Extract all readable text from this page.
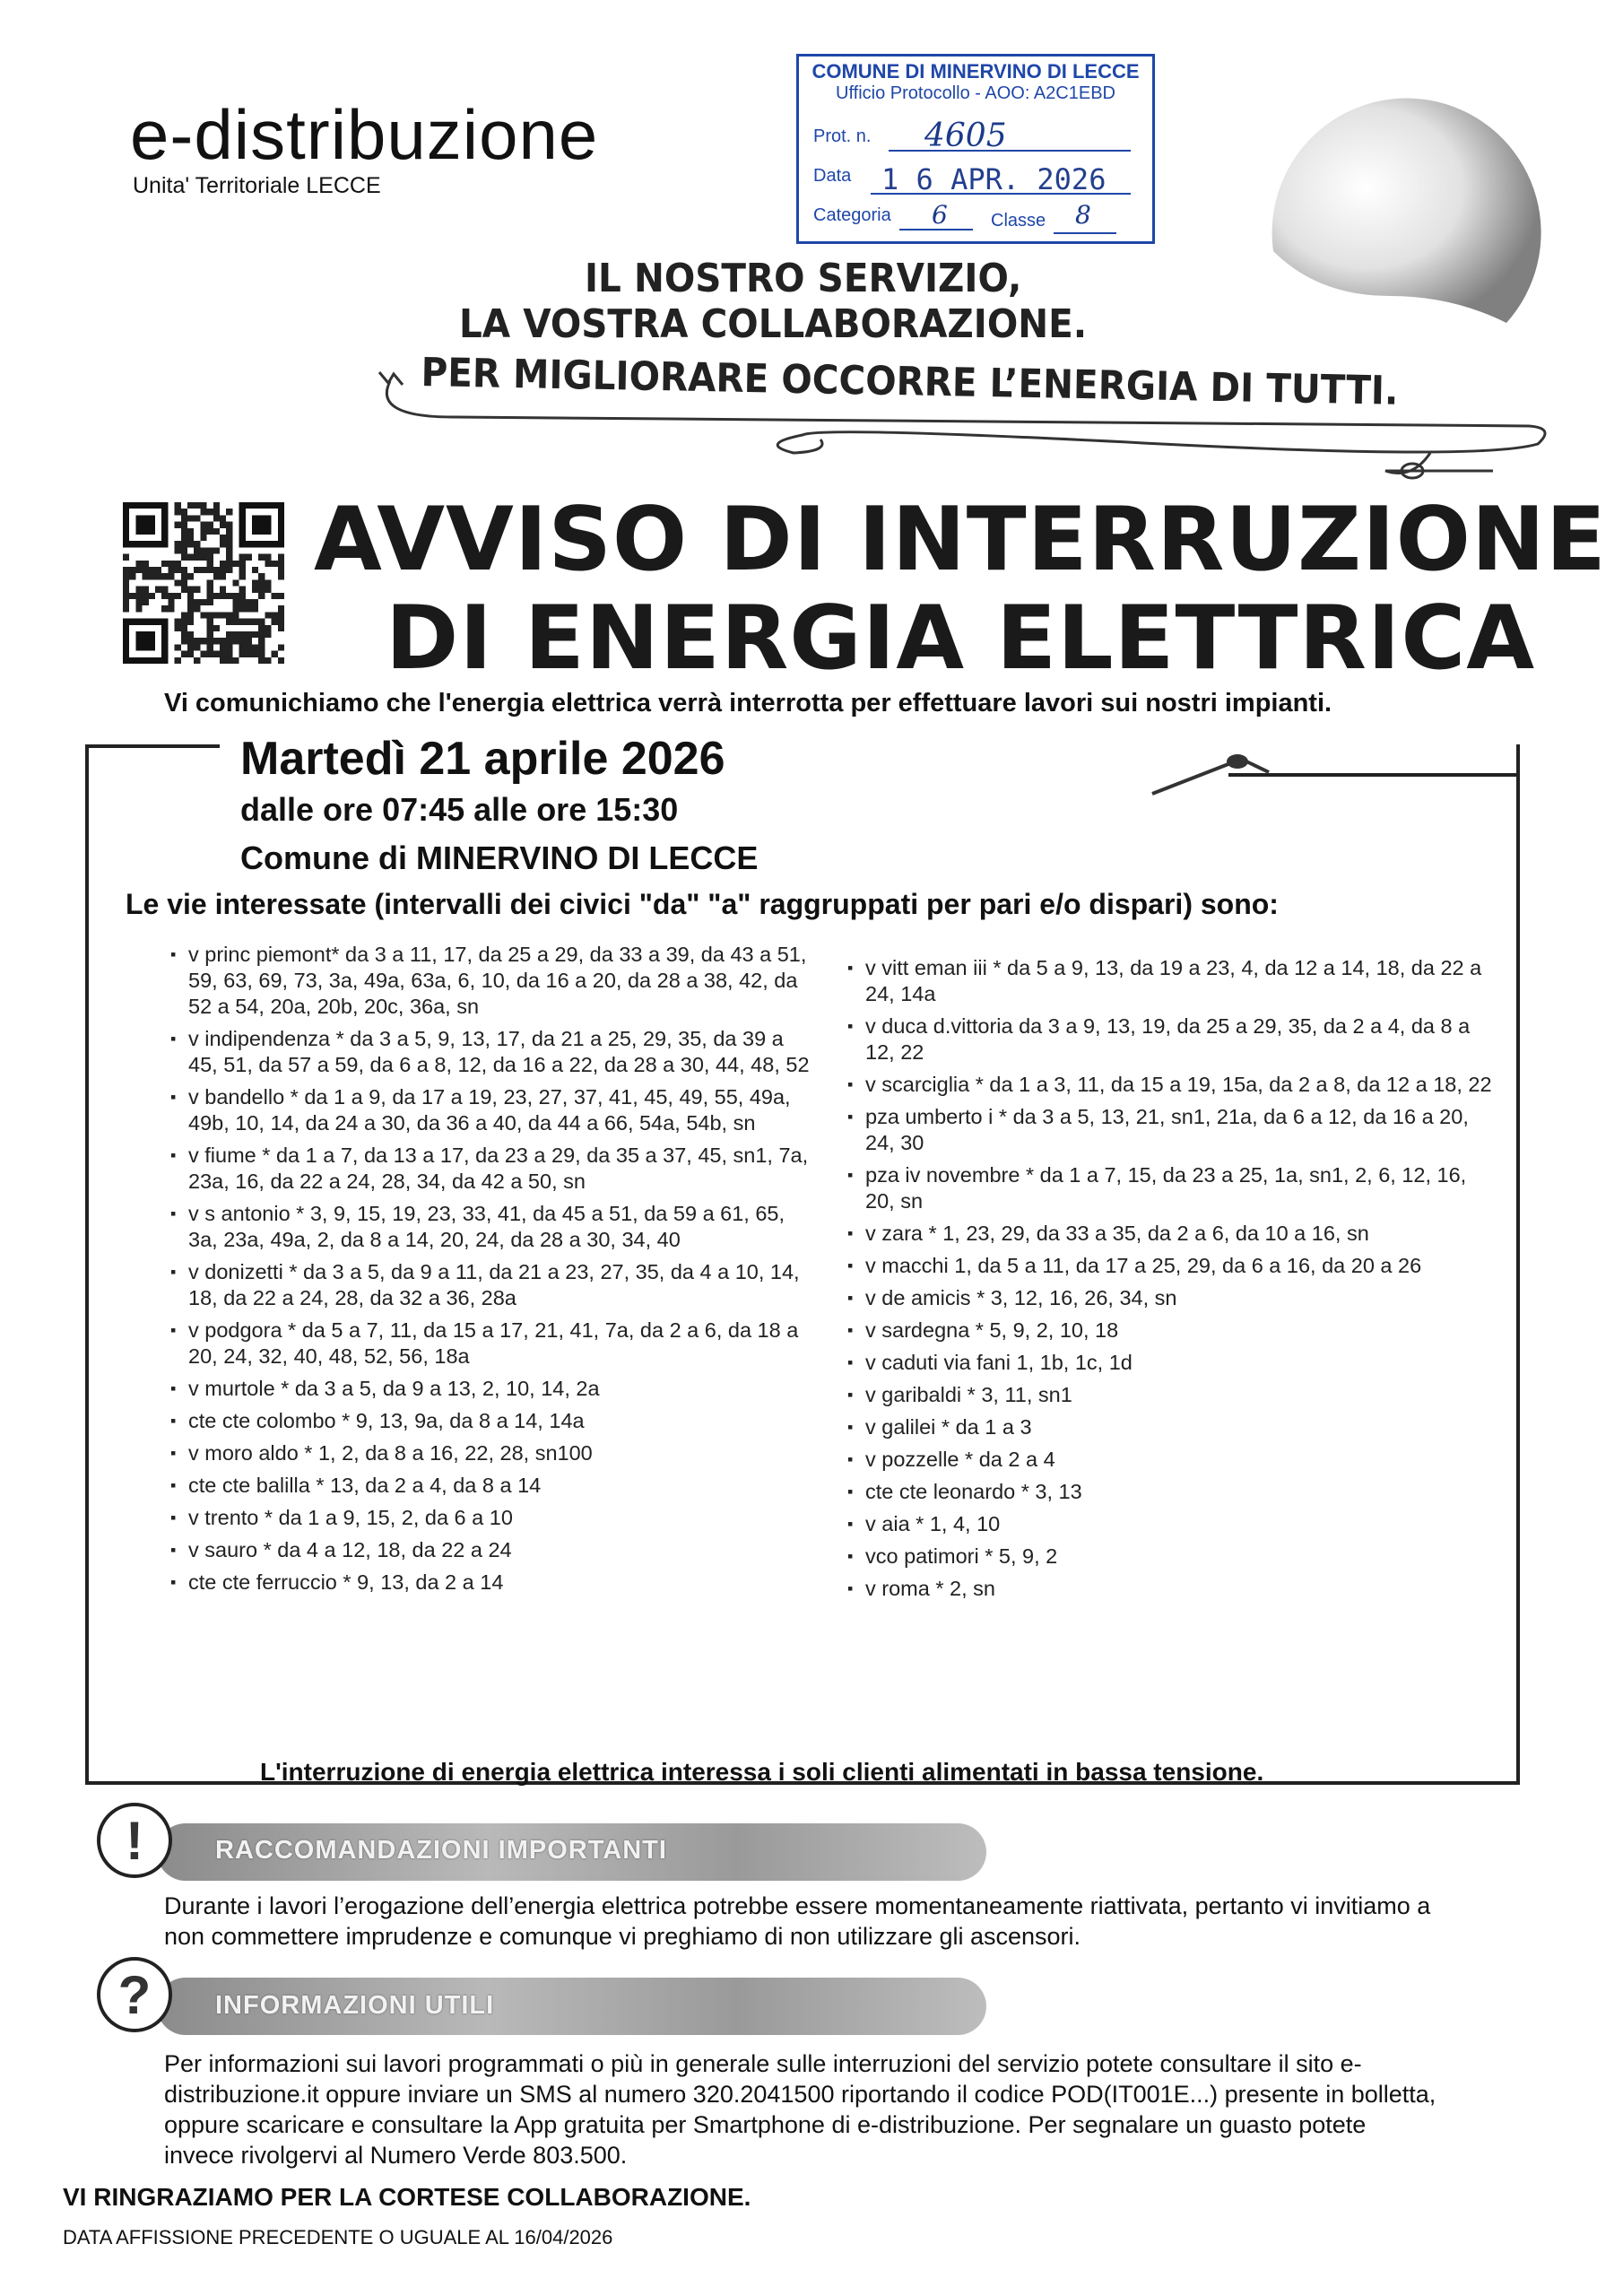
e-distribuzione
Unita' Territoriale LECCE
COMUNE DI MINERVINO DI LECCE
Ufficio Protocollo - AOO: A2C1EBD
Prot. n. 4605
Data 1 6 APR. 2026
Categoria 6 Classe 8
IL NOSTRO SERVIZIO,
LA VOSTRA COLLABORAZIONE.
PER MIGLIORARE OCCORRE L’ENERGIA DI TUTTI.
AVVISO DI INTERRUZIONE
DI ENERGIA ELETTRICA
Vi comunichiamo che l'energia elettrica verrà interrotta per effettuare lavori sui nostri impianti.
Martedì 21 aprile 2026
dalle ore 07:45 alle ore 15:30
Comune di MINERVINO DI LECCE
Le vie interessate (intervalli dei civici "da" "a" raggruppati per pari e/o dispari) sono:
▪ v princ piemont* da 3 a 11, 17, da 25 a 29, da 33 a 39, da 43 a 51, 59, 63, 69, 73, 3a, 49a, 63a, 6, 10, da 16 a 20, da 28 a 38, 42, da 52 a 54, 20a, 20b, 20c, 36a, sn
▪ v indipendenza * da 3 a 5, 9, 13, 17, da 21 a 25, 29, 35, da 39 a 45, 51, da 57 a 59, da 6 a 8, 12, da 16 a 22, da 28 a 30, 44, 48, 52
▪ v bandello * da 1 a 9, da 17 a 19, 23, 27, 37, 41, 45, 49, 55, 49a, 49b, 10, 14, da 24 a 30, da 36 a 40, da 44 a 66, 54a, 54b, sn
▪ v fiume * da 1 a 7, da 13 a 17, da 23 a 29, da 35 a 37, 45, sn1, 7a, 23a, 16, da 22 a 24, 28, 34, da 42 a 50, sn
▪ v s antonio * 3, 9, 15, 19, 23, 33, 41, da 45 a 51, da 59 a 61, 65, 3a, 23a, 49a, 2, da 8 a 14, 20, 24, da 28 a 30, 34, 40
▪ v donizetti * da 3 a 5, da 9 a 11, da 21 a 23, 27, 35, da 4 a 10, 14, 18, da 22 a 24, 28, da 32 a 36, 28a
▪ v podgora * da 5 a 7, 11, da 15 a 17, 21, 41, 7a, da 2 a 6, da 18 a 20, 24, 32, 40, 48, 52, 56, 18a
▪ v murtole * da 3 a 5, da 9 a 13, 2, 10, 14, 2a
▪ cte cte colombo * 9, 13, 9a, da 8 a 14, 14a
▪ v moro aldo * 1, 2, da 8 a 16, 22, 28, sn100
▪ cte cte balilla * 13, da 2 a 4, da 8 a 14
▪ v trento * da 1 a 9, 15, 2, da 6 a 10
▪ v sauro * da 4 a 12, 18, da 22 a 24
▪ cte cte ferruccio * 9, 13, da 2 a 14
▪ v vitt eman iii * da 5 a 9, 13, da 19 a 23, 4, da 12 a 14, 18, da 22 a 24, 14a
▪ v duca d.vittoria da 3 a 9, 13, 19, da 25 a 29, 35, da 2 a 4, da 8 a 12, 22
▪ v scarciglia * da 1 a 3, 11, da 15 a 19, 15a, da 2 a 8, da 12 a 18, 22
▪ pza umberto i * da 3 a 5, 13, 21, sn1, 21a, da 6 a 12, da 16 a 20, 24, 30
▪ pza iv novembre * da 1 a 7, 15, da 23 a 25, 1a, sn1, 2, 6, 12, 16, 20, sn
▪ v zara * 1, 23, 29, da 33 a 35, da 2 a 6, da 10 a 16, sn
▪ v macchi 1, da 5 a 11, da 17 a 25, 29, da 6 a 16, da 20 a 26
▪ v de amicis * 3, 12, 16, 26, 34, sn
▪ v sardegna * 5, 9, 2, 10, 18
▪ v caduti via fani 1, 1b, 1c, 1d
▪ v garibaldi * 3, 11, sn1
▪ v galilei * da 1 a 3
▪ v pozzelle * da 2 a 4
▪ cte cte leonardo * 3, 13
▪ v aia * 1, 4, 10
▪ vco patimori * 5, 9, 2
▪ v roma * 2, sn
L'interruzione di energia elettrica interessa i soli clienti alimentati in bassa tensione.
!	RACCOMANDAZIONI IMPORTANTI
Durante i lavori l’erogazione dell’energia elettrica potrebbe essere momentaneamente riattivata, pertanto vi invitiamo a non commettere imprudenze e comunque vi preghiamo di non utilizzare gli ascensori.
?	INFORMAZIONI UTILI
Per informazioni sui lavori programmati o più in generale sulle interruzioni del servizio potete consultare il sito e-distribuzione.it oppure inviare un SMS al numero 320.2041500 riportando il codice POD(IT001E...) presente in bolletta, oppure scaricare e consultare la App gratuita per Smartphone di e-distribuzione. Per segnalare un guasto potete invece rivolgervi al Numero Verde 803.500.
VI RINGRAZIAMO PER LA CORTESE COLLABORAZIONE.
DATA AFFISSIONE PRECEDENTE O UGUALE AL 16/04/2026
